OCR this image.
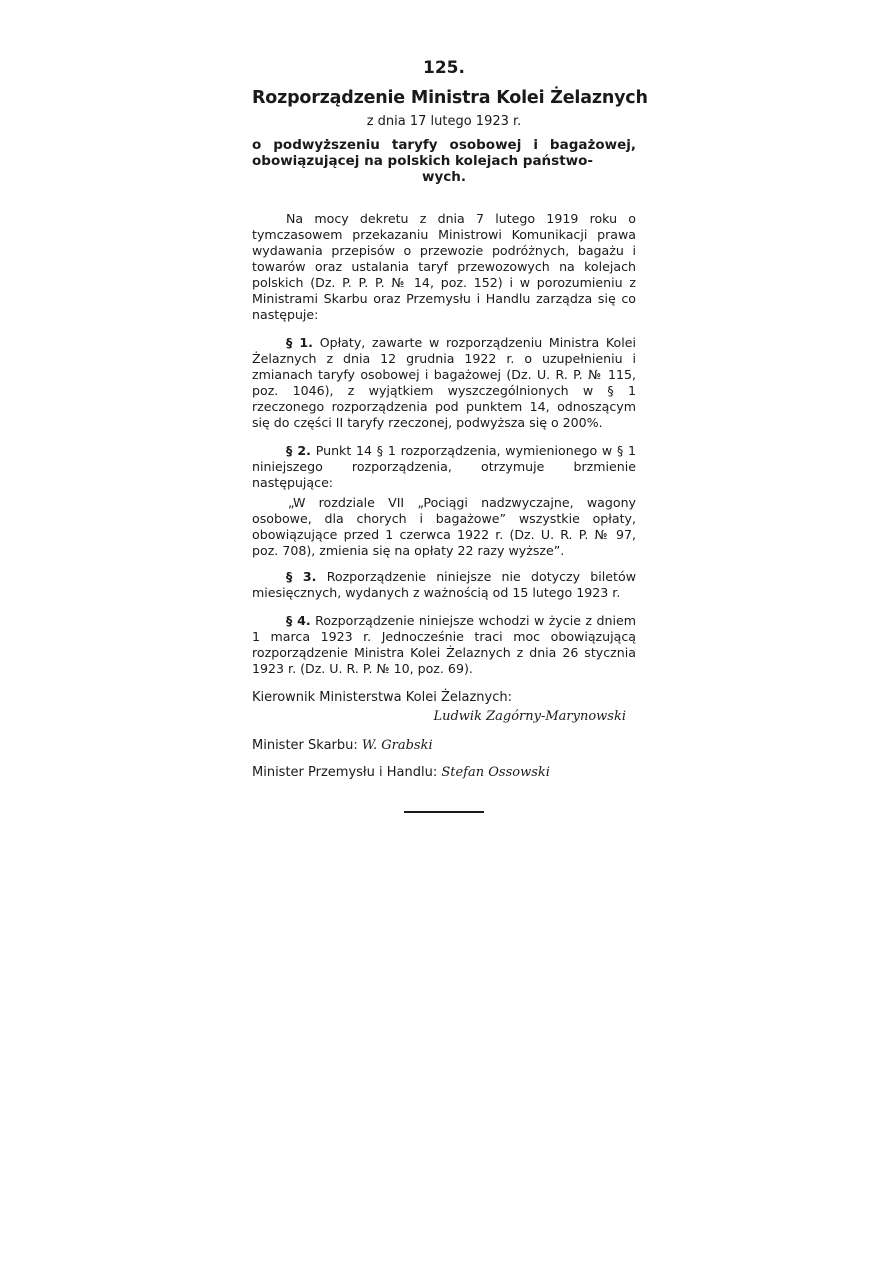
125.
Rozporządzenie Ministra Kolei Żelaznych
z dnia 17 lutego 1923 r.
o podwyższeniu taryfy osobowej i bagażowej, obowiązującej na polskich kolejach państwo-
wych.

Na mocy dekretu z dnia 7 lutego 1919 roku o tymczasowem przekazaniu Ministrowi Komunikacji prawa wydawania przepisów o przewozie podróżnych, bagażu i towarów oraz ustalania taryf przewozowych na kolejach polskich (Dz. P. P. P. № 14, poz. 152) i w porozumieniu z Ministrami Skarbu oraz Przemysłu i Handlu zarządza się co następuje:

§ 1. Opłaty, zawarte w rozporządzeniu Ministra Kolei Żelaznych z dnia 12 grudnia 1922 r. o uzupełnieniu i zmianach taryfy osobowej i bagażowej (Dz. U. R. P. № 115, poz. 1046), z wyjątkiem wyszczególnionych w § 1 rzeczonego rozporządzenia pod punktem 14, odnoszącym się do części II taryfy rzeczonej, podwyższa się o 200%.

§ 2. Punkt 14 § 1 rozporządzenia, wymienionego w § 1 niniejszego rozporządzenia, otrzymuje brzmienie następujące:

„W rozdziale VII „Pociągi nadzwyczajne, wagony osobowe, dla chorych i bagażowe” wszystkie opłaty, obowiązujące przed 1 czerwca 1922 r. (Dz. U. R. P. № 97, poz. 708), zmienia się na opłaty 22 razy wyższe”.

§ 3. Rozporządzenie niniejsze nie dotyczy biletów miesięcznych, wydanych z ważnością od 15 lutego 1923 r.

§ 4. Rozporządzenie niniejsze wchodzi w życie z dniem 1 marca 1923 r. Jednocześnie traci moc obowiązującą rozporządzenie Ministra Kolei Żelaznych z dnia 26 stycznia 1923 r. (Dz. U. R. P. № 10, poz. 69).

Kierownik Ministerstwa Kolei Żelaznych:
Ludwik Zagórny-Marynowski
Minister Skarbu: W. Grabski
Minister Przemysłu i Handlu: Stefan Ossowski
